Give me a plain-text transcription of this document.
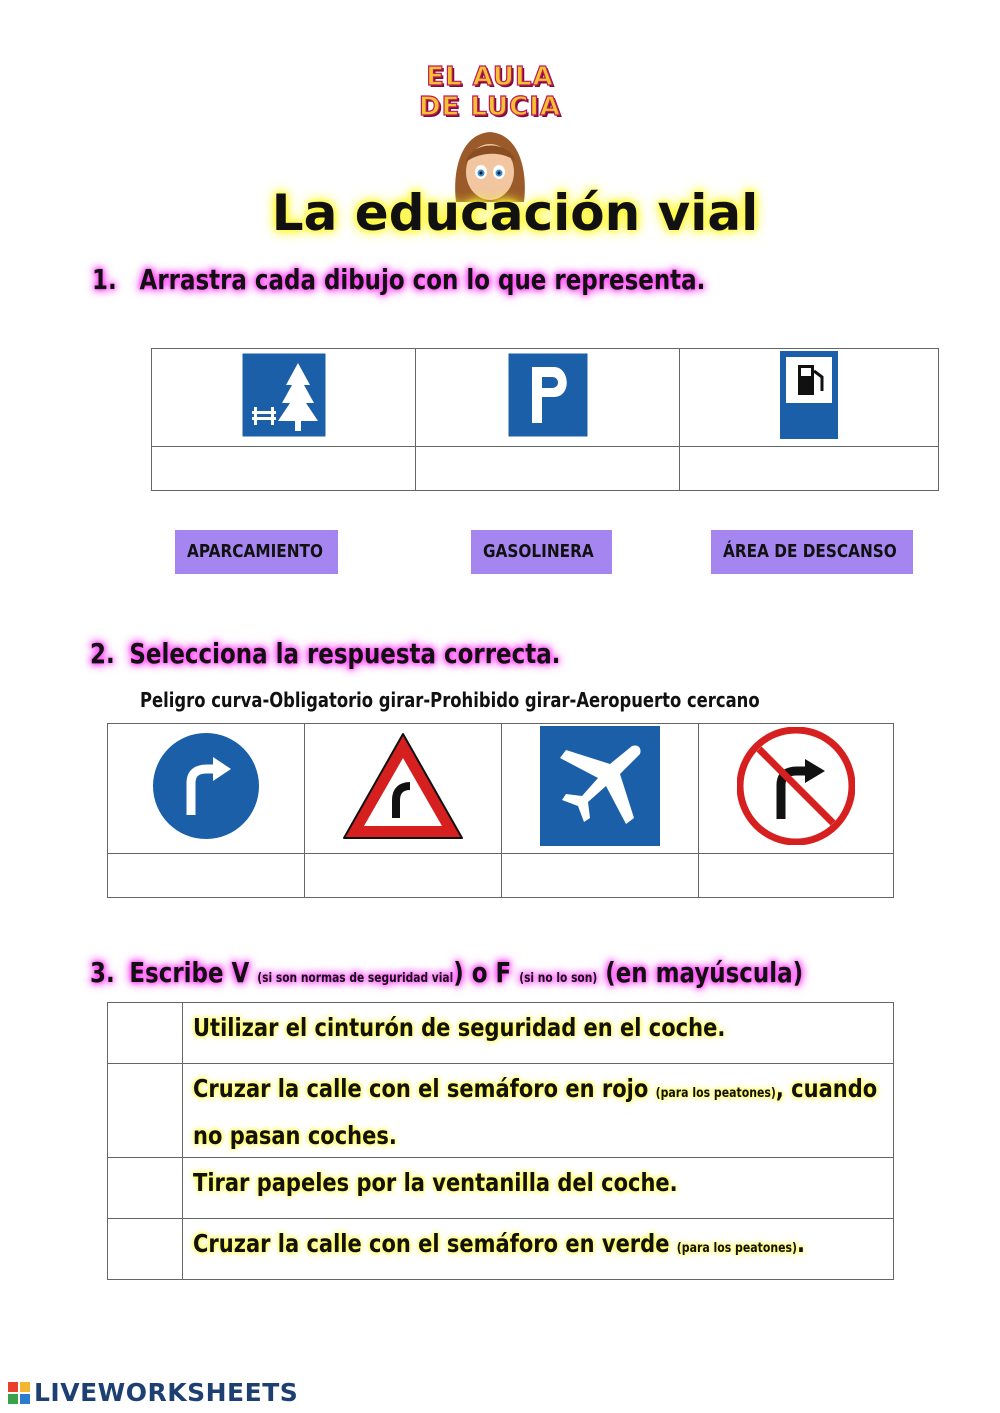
EL AULA
DE LUCIA
La educación vial
1. Arrastra cada dibujo con lo que representa.

APARCAMIENTO	GASOLINERA	ÁREA DE DESCANSO
2. Selecciona la respuesta correcta.
Peligro curva-Obligatorio girar-Prohibido girar-Aeropuerto cercano

3. Escribe V (si son normas de seguridad vial) o F (si no lo son) (en mayúscula)
	Utilizar el cinturón de seguridad en el coche.
	Cruzar la calle con el semáforo en rojo (para los peatones), cuando no pasan coches.
	Tirar papeles por la ventanilla del coche.
	Cruzar la calle con el semáforo en verde (para los peatones).
LIVEWORKSHEETS
